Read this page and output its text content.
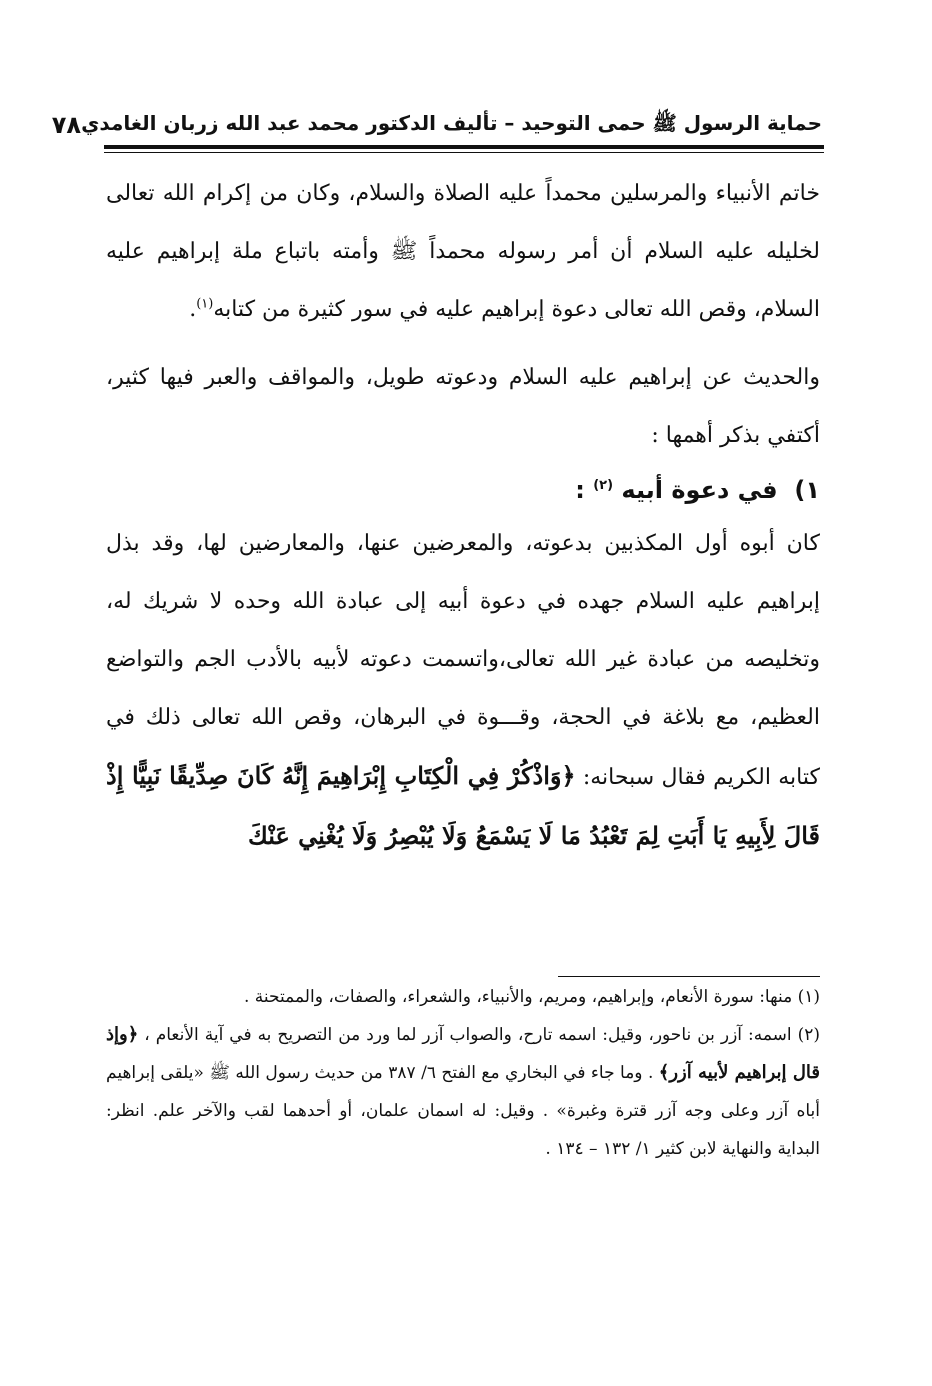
حماية الرسول ﷺ حمى التوحيد – تأليف الدكتور محمد عبد الله زربان الغامدي
٧٨

خاتم الأنبياء والمرسلين محمداً عليه الصلاة والسلام، وكان من إكرام الله تعالى لخليله عليه السلام أن أمر رسوله محمداً ﷺ وأمته باتباع ملة إبراهيم عليه السلام، وقص الله تعالى دعوة إبراهيم عليه في سور كثيرة من كتابه$^{(١)}$.

والحديث عن إبراهيم عليه السلام ودعوته طويل، والمواقف والعبر فيها كثير، أكتفي بذكر أهمها :

١)  في دعوة أبيه $^{(٢)}$ :

كان أبوه أول المكذبين بدعوته، والمعرضين عنها، والمعارضين لها، وقد بذل إبراهيم عليه السلام جهده في دعوة أبيه إلى عبادة الله وحده لا شريك له، وتخليصه من عبادة غير الله تعالى،واتسمت دعوته لأبيه بالأدب الجم والتواضع العظيم، مع بلاغة في الحجة، وقـــوة في البرهان، وقص الله تعالى ذلك في كتابه الكريم فقال سبحانه: ﴿وَاذْكُرْ فِي الْكِتَابِ إِبْرَاهِيمَ إِنَّهُ كَانَ صِدِّيقًا نَبِيًّا إِذْ قَالَ لِأَبِيهِ يَا أَبَتِ لِمَ تَعْبُدُ مَا لَا يَسْمَعُ وَلَا يُبْصِرُ وَلَا يُغْنِي عَنْكَ

(١) منها: سورة الأنعام، وإبراهيم، ومريم، والأنبياء، والشعراء، والصفات، والممتحنة .

(٢) اسمه: آزر بن ناحور، وقيل: اسمه تارح، والصواب آزر لما ورد من التصريح به في آية الأنعام ، ﴿وإذ قال إبراهيم لأبيه آزر﴾ . وما جاء في البخاري مع الفتح ٦/ ٣٨٧ من حديث رسول الله ﷺ «يلقى إبراهيم أباه آزر وعلى وجه آزر قترة وغبرة» . وقيل: له اسمان علمان، أو أحدهما لقب والآخر علم. انظر: البداية والنهاية لابن كثير ١/ ١٣٢ – ١٣٤ .
